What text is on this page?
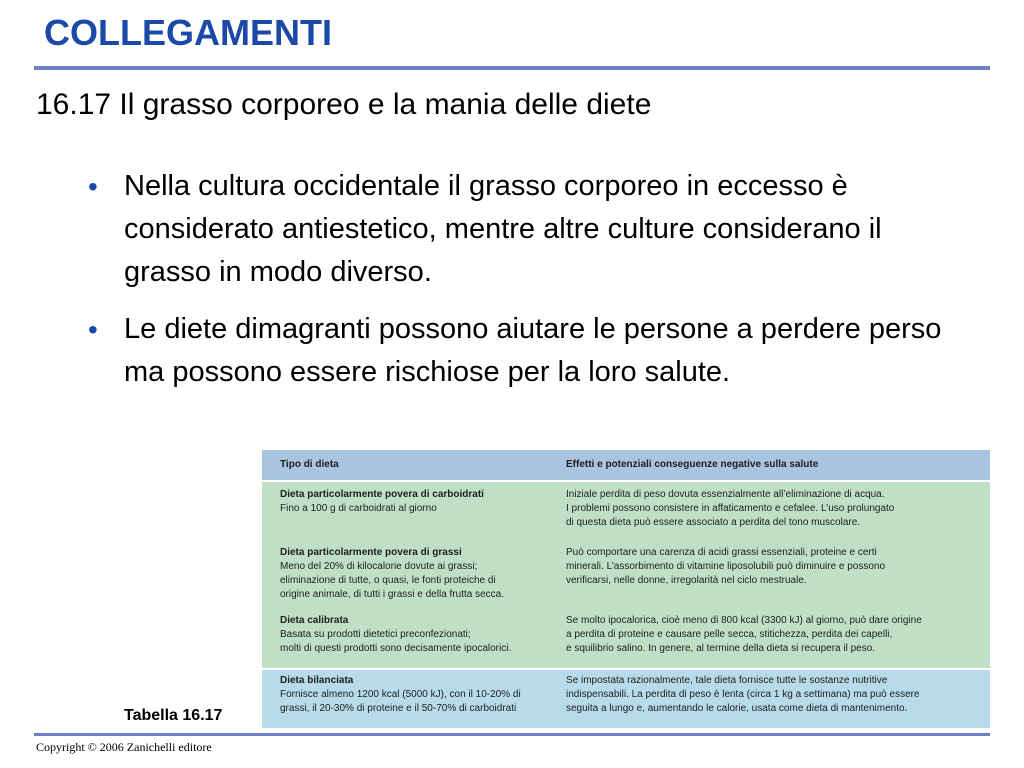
COLLEGAMENTI
16.17 Il grasso corporeo e la mania delle diete
• Nella cultura occidentale il grasso corporeo in eccesso è considerato antiestetico, mentre altre culture considerano il grasso in modo diverso.
• Le diete dimagranti possono aiutare le persone a perdere perso ma possono essere rischiose per la loro salute.
Tipo di dieta	Effetti e potenziali conseguenze negative sulla salute
Dieta particolarmente povera di carboidrati
Fino a 100 g di carboidrati al giorno
Iniziale perdita di peso dovuta essenzialmente all’eliminazione di acqua.
I problemi possono consistere in affaticamento e cefalee. L’uso prolungato
di questa dieta può essere associato a perdita del tono muscolare.
Dieta particolarmente povera di grassi
Meno del 20% di kilocalorie dovute ai grassi;
eliminazione di tutte, o quasi, le fonti proteiche di
origine animale, di tutti i grassi e della frutta secca.
Può comportare una carenza di acidi grassi essenziali, proteine e certi
minerali. L’assorbimento di vitamine liposolubili può diminuire e possono
verificarsi, nelle donne, irregolarità nel ciclo mestruale.
Dieta calibrata
Basata su prodotti dietetici preconfezionati;
molti di questi prodotti sono decisamente ipocalorici.
Se molto ipocalorica, cioè meno di 800 kcal (3300 kJ) al giorno, può dare origine
a perdita di proteine e causare pelle secca, stitichezza, perdita dei capelli,
e squilibrio salino. In genere, al termine della dieta si recupera il peso.
Dieta bilanciata
Fornisce almeno 1200 kcal (5000 kJ), con il 10-20% di
grassi, il 20-30% di proteine e il 50-70% di carboidrati
Se impostata razionalmente, tale dieta fornisce tutte le sostanze nutritive
indispensabili. La perdita di peso è lenta (circa 1 kg a settimana) ma può essere
seguita a lungo e, aumentando le calorie, usata come dieta di mantenimento.
Tabella 16.17
Copyright © 2006 Zanichelli editore
